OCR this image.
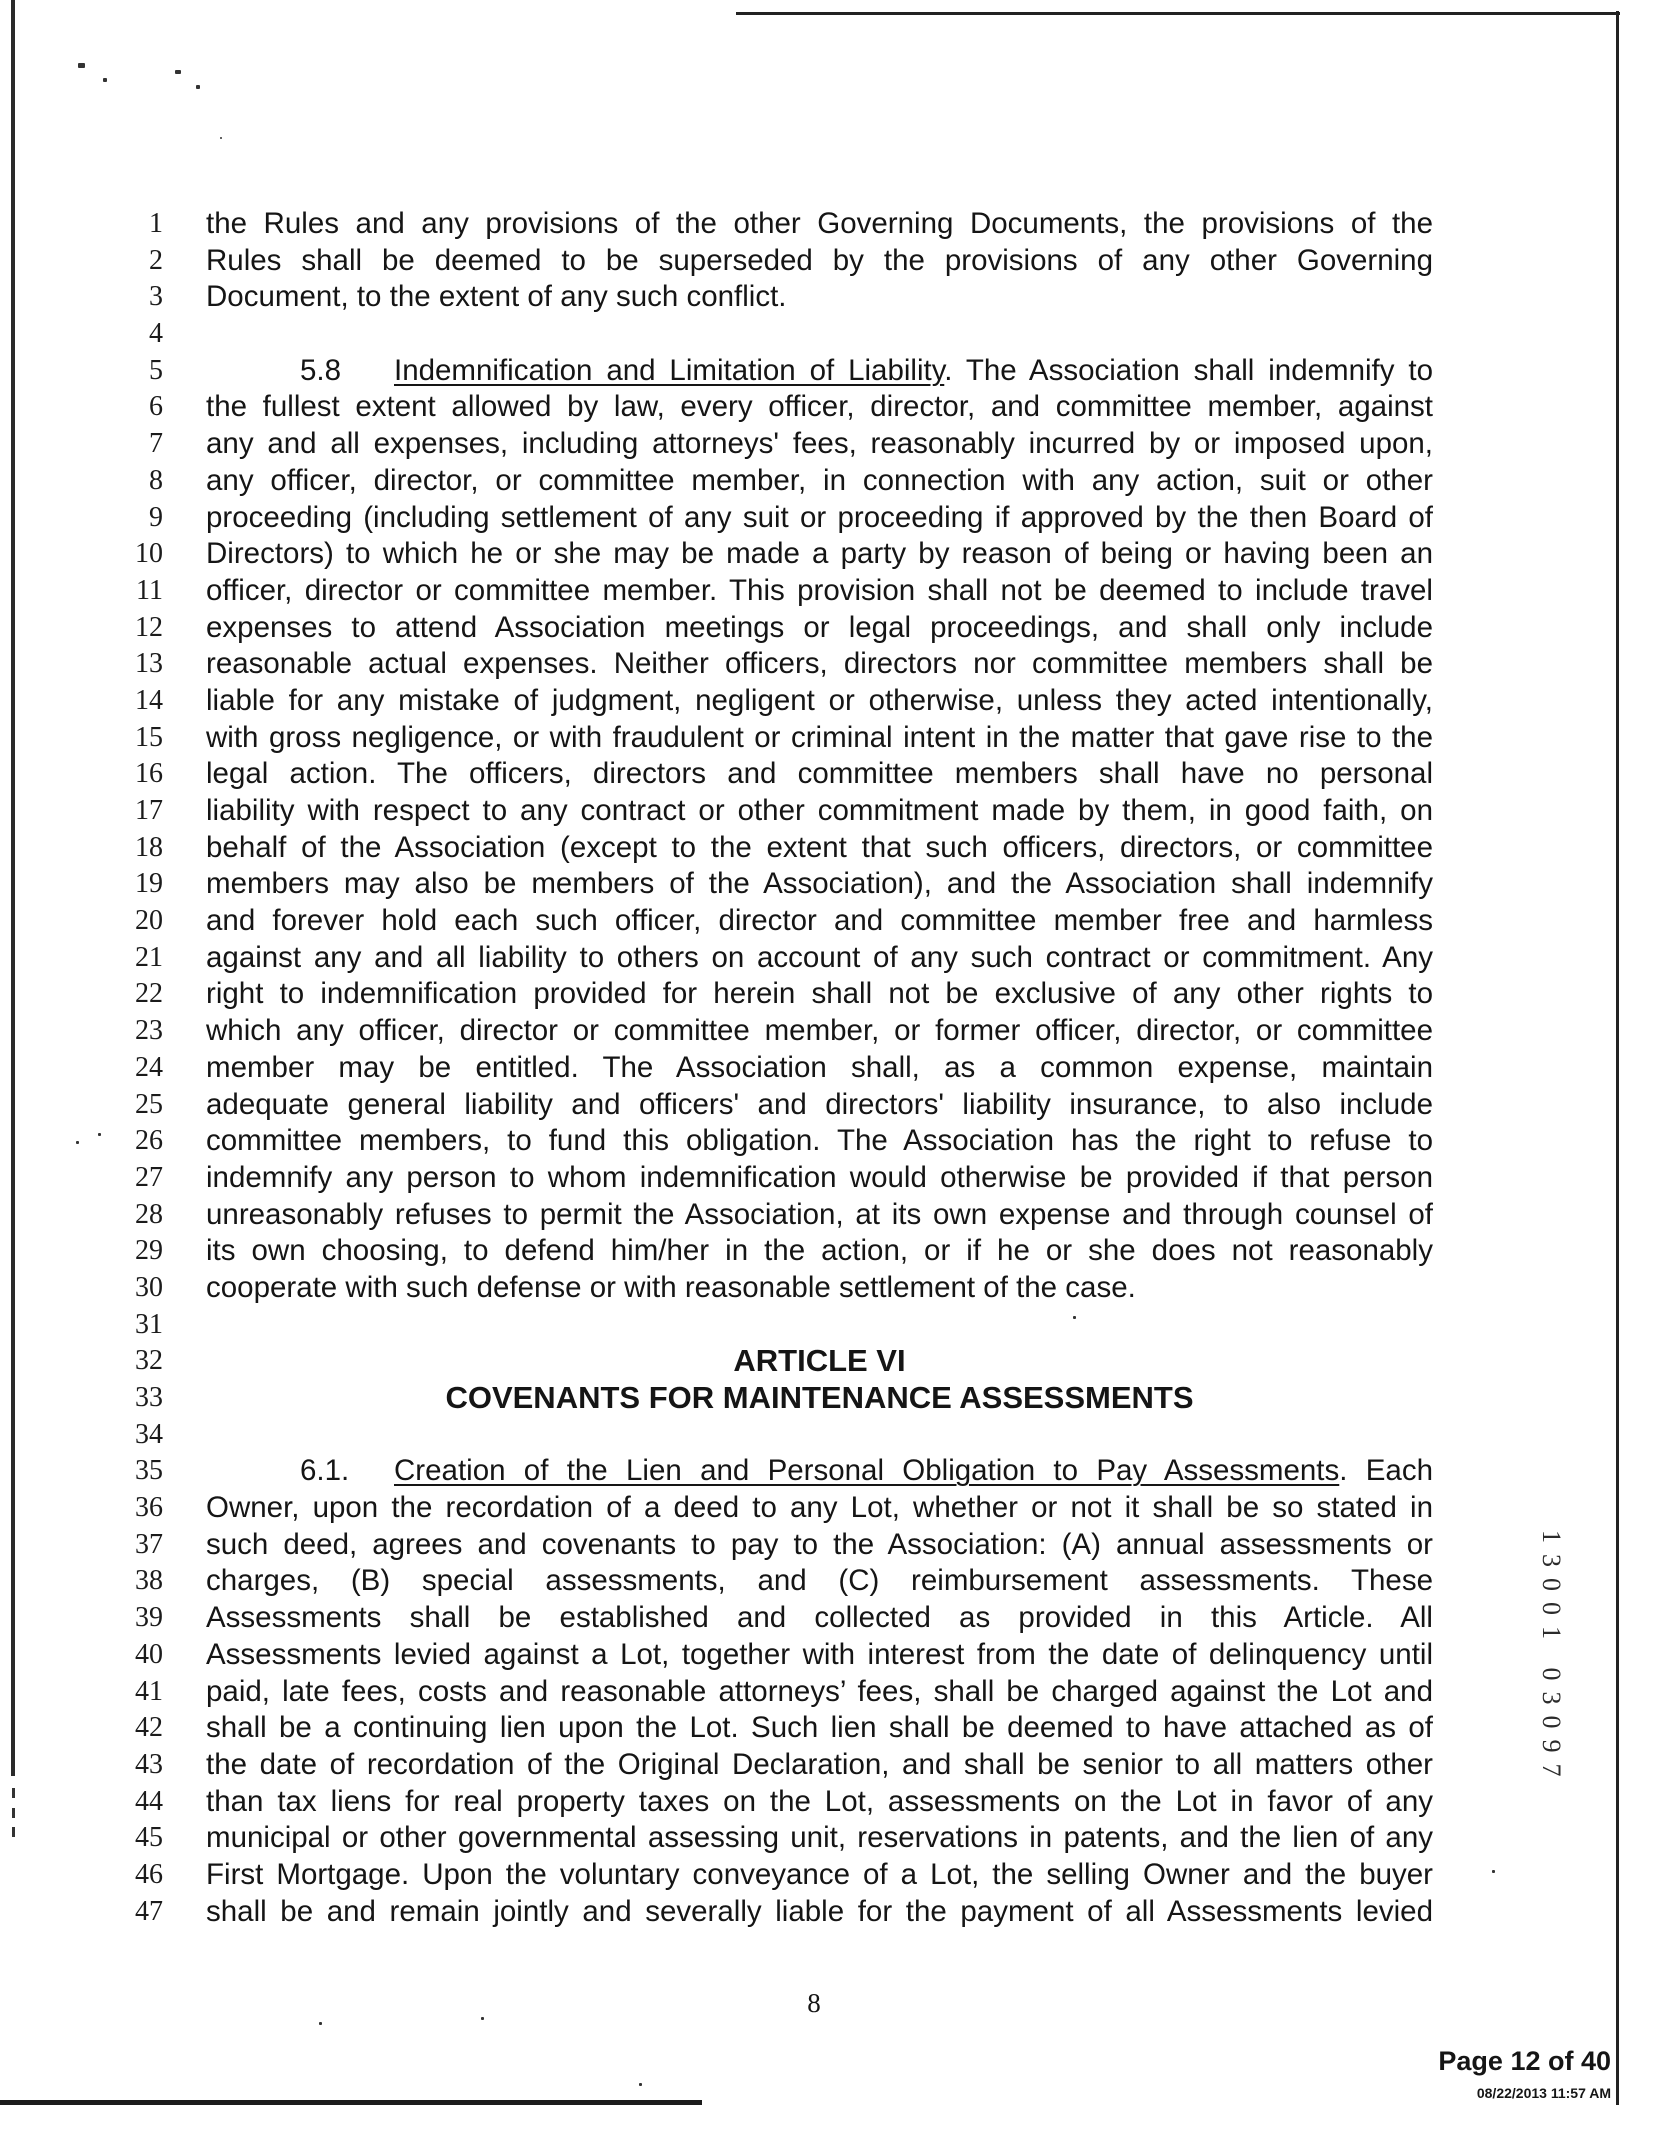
1 the Rules and any provisions of the other Governing Documents, the provisions of the
2 Rules shall be deemed to be superseded by the provisions of any other Governing
3 Document, to the extent of any such conflict.
4
5	5.8 Indemnification and Limitation of Liability. The Association shall indemnify to
6 the fullest extent allowed by law, every officer, director, and committee member, against
7 any and all expenses, including attorneys' fees, reasonably incurred by or imposed upon,
8 any officer, director, or committee member, in connection with any action, suit or other
9 proceeding (including settlement of any suit or proceeding if approved by the then Board of
10 Directors) to which he or she may be made a party by reason of being or having been an
11 officer, director or committee member. This provision shall not be deemed to include travel
12 expenses to attend Association meetings or legal proceedings, and shall only include
13 reasonable actual expenses. Neither officers, directors nor committee members shall be
14 liable for any mistake of judgment, negligent or otherwise, unless they acted intentionally,
15 with gross negligence, or with fraudulent or criminal intent in the matter that gave rise to the
16 legal action. The officers, directors and committee members shall have no personal
17 liability with respect to any contract or other commitment made by them, in good faith, on
18 behalf of the Association (except to the extent that such officers, directors, or committee
19 members may also be members of the Association), and the Association shall indemnify
20 and forever hold each such officer, director and committee member free and harmless
21 against any and all liability to others on account of any such contract or commitment. Any
22 right to indemnification provided for herein shall not be exclusive of any other rights to
23 which any officer, director or committee member, or former officer, director, or committee
24 member may be entitled. The Association shall, as a common expense, maintain
25 adequate general liability and officers' and directors' liability insurance, to also include
26 committee members, to fund this obligation. The Association has the right to refuse to
27 indemnify any person to whom indemnification would otherwise be provided if that person
28 unreasonably refuses to permit the Association, at its own expense and through counsel of
29 its own choosing, to defend him/her in the action, or if he or she does not reasonably
30 cooperate with such defense or with reasonable settlement of the case.
31
32	ARTICLE VI
33	COVENANTS FOR MAINTENANCE ASSESSMENTS
34
35	6.1. Creation of the Lien and Personal Obligation to Pay Assessments. Each
36 Owner, upon the recordation of a deed to any Lot, whether or not it shall be so stated in
37 such deed, agrees and covenants to pay to the Association: (A) annual assessments or
38 charges, (B) special assessments, and (C) reimbursement assessments. These
39 Assessments shall be established and collected as provided in this Article. All
40 Assessments levied against a Lot, together with interest from the date of delinquency until
41 paid, late fees, costs and reasonable attorneys’ fees, shall be charged against the Lot and
42 shall be a continuing lien upon the Lot. Such lien shall be deemed to have attached as of
43 the date of recordation of the Original Declaration, and shall be senior to all matters other
44 than tax liens for real property taxes on the Lot, assessments on the Lot in favor of any
45 municipal or other governmental assessing unit, reservations in patents, and the lien of any
46 First Mortgage. Upon the voluntary conveyance of a Lot, the selling Owner and the buyer
47 shall be and remain jointly and severally liable for the payment of all Assessments levied
13001 03097
8
Page 12 of 40
08/22/2013 11:57 AM
